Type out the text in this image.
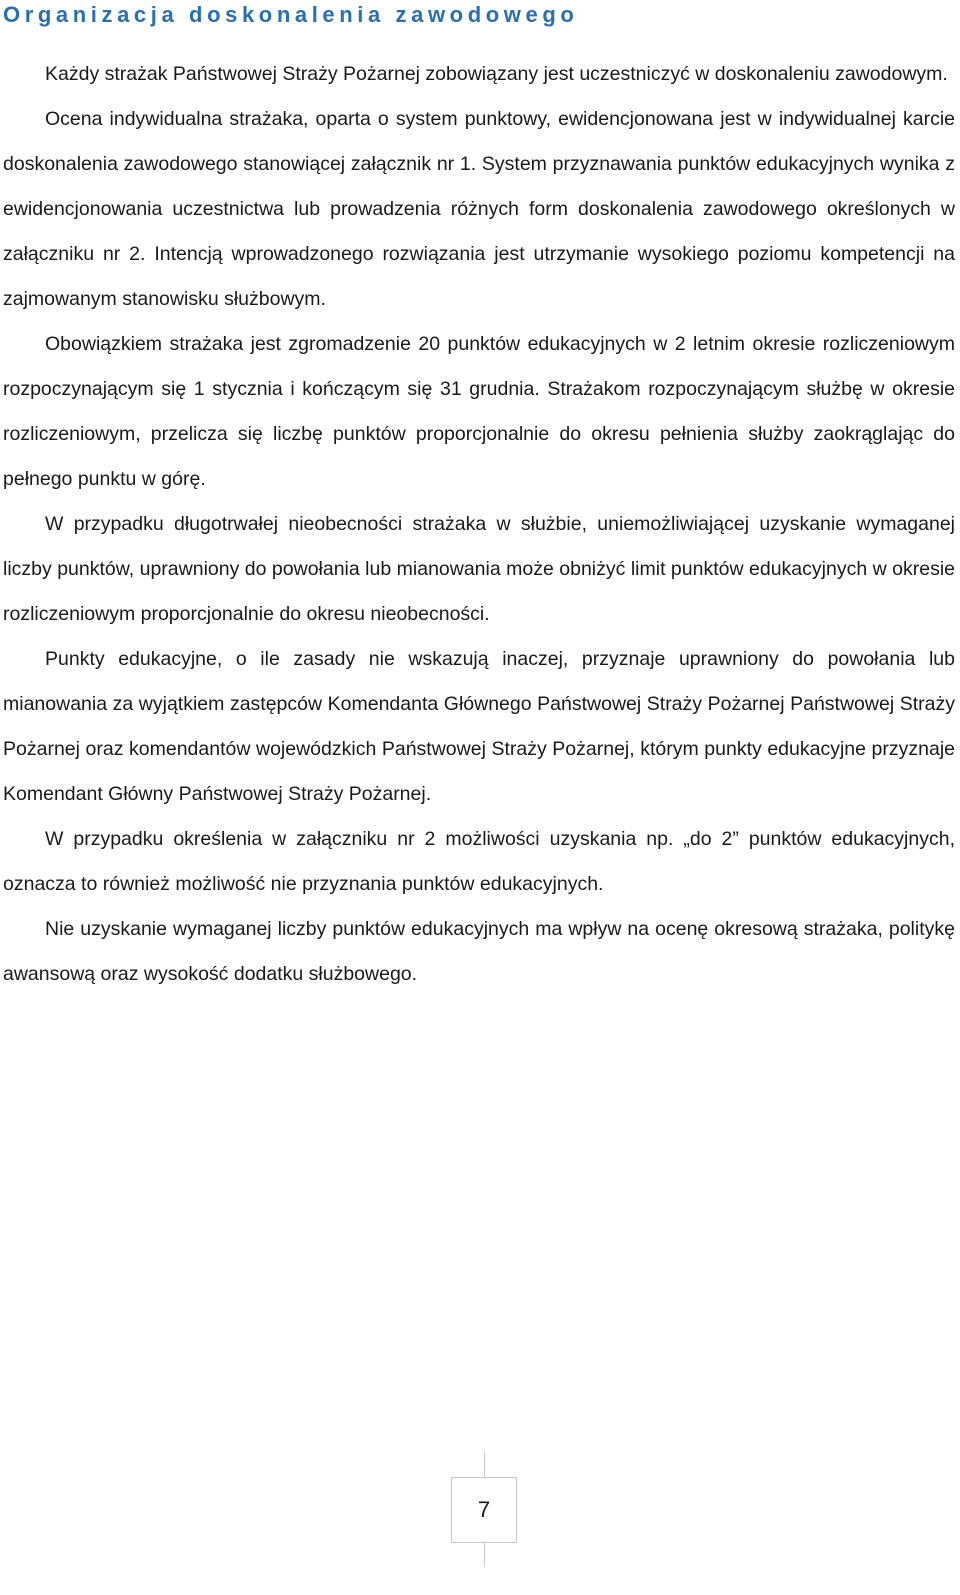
Organizacja doskonalenia zawodowego

Każdy strażak Państwowej Straży Pożarnej zobowiązany jest uczestniczyć w doskonaleniu zawodowym.

Ocena indywidualna strażaka, oparta o system punktowy, ewidencjonowana jest w indywidualnej karcie doskonalenia zawodowego stanowiącej załącznik nr 1. System przyznawania punktów edukacyjnych wynika z ewidencjonowania uczestnictwa lub prowadzenia różnych form doskonalenia zawodowego określonych w załączniku nr 2. Intencją wprowadzonego rozwiązania jest utrzymanie wysokiego poziomu kompetencji na zajmowanym stanowisku służbowym.

Obowiązkiem strażaka jest zgromadzenie 20 punktów edukacyjnych w 2 letnim okresie rozliczeniowym rozpoczynającym się 1 stycznia i kończącym się 31 grudnia. Strażakom rozpoczynającym służbę w okresie rozliczeniowym, przelicza się liczbę punktów proporcjonalnie do okresu pełnienia służby zaokrąglając do pełnego punktu w górę.

W przypadku długotrwałej nieobecności strażaka w służbie, uniemożliwiającej uzyskanie wymaganej liczby punktów, uprawniony do powołania lub mianowania może obniżyć limit punktów edukacyjnych w okresie rozliczeniowym proporcjonalnie do okresu nieobecności.

Punkty edukacyjne, o ile zasady nie wskazują inaczej, przyznaje uprawniony do powołania lub mianowania za wyjątkiem zastępców Komendanta Głównego Państwowej Straży Pożarnej Państwowej Straży Pożarnej oraz komendantów wojewódzkich Państwowej Straży Pożarnej, którym punkty edukacyjne przyznaje Komendant Główny Państwowej Straży Pożarnej.

W przypadku określenia w załączniku nr 2 możliwości uzyskania np. „do 2” punktów edukacyjnych, oznacza to również możliwość nie przyznania punktów edukacyjnych.

Nie uzyskanie wymaganej liczby punktów edukacyjnych ma wpływ na ocenę okresową strażaka, politykę awansową oraz wysokość dodatku służbowego.

7
